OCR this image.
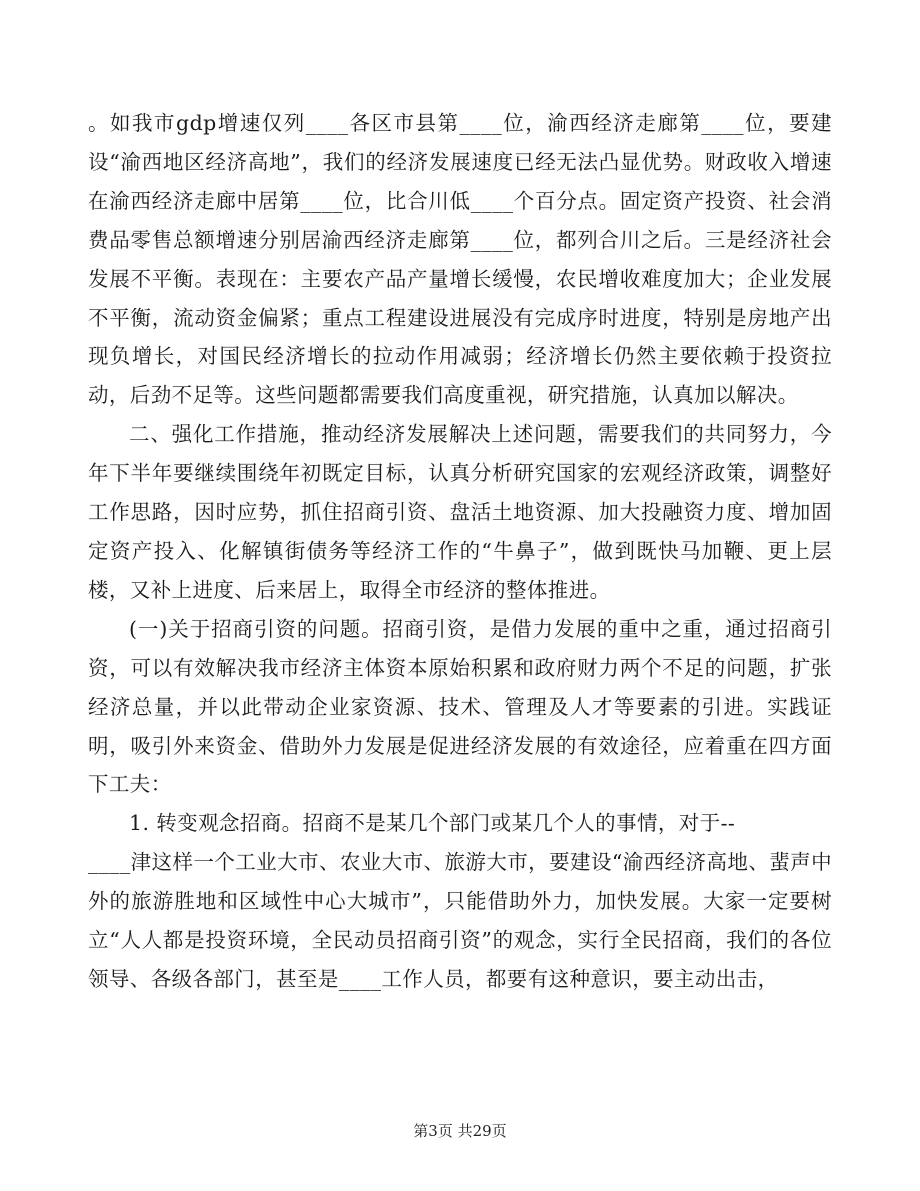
。如我市gdp增速仅列____各区市县第____位，渝西经济走廊第____位，要建设“渝西地区经济高地”，我们的经济发展速度已经无法凸显优势。财政收入增速在渝西经济走廊中居第____位，比合川低____个百分点。固定资产投资、社会消费品零售总额增速分别居渝西经济走廊第____位，都列合川之后。三是经济社会发展不平衡。表现在：主要农产品产量增长缓慢，农民增收难度加大；企业发展不平衡，流动资金偏紧；重点工程建设进展没有完成序时进度，特别是房地产出现负增长，对国民经济增长的拉动作用减弱；经济增长仍然主要依赖于投资拉动，后劲不足等。这些问题都需要我们高度重视，研究措施，认真加以解决。

二、强化工作措施，推动经济发展解决上述问题，需要我们的共同努力，今年下半年要继续围绕年初既定目标，认真分析研究国家的宏观经济政策，调整好工作思路，因时应势，抓住招商引资、盘活土地资源、加大投融资力度、增加固定资产投入、化解镇街债务等经济工作的“牛鼻子”，做到既快马加鞭、更上层楼，又补上进度、后来居上，取得全市经济的整体推进。

(一)关于招商引资的问题。招商引资，是借力发展的重中之重，通过招商引资，可以有效解决我市经济主体资本原始积累和政府财力两个不足的问题，扩张经济总量，并以此带动企业家资源、技术、管理及人才等要素的引进。实践证明，吸引外来资金、借助外力发展是促进经济发展的有效途径，应着重在四方面下工夫：

1. 转变观念招商。招商不是某几个部门或某几个人的事情，对于--

____津这样一个工业大市、农业大市、旅游大市，要建设“渝西经济高地、蜚声中外的旅游胜地和区域性中心大城市”，只能借助外力，加快发展。大家一定要树立“人人都是投资环境，全民动员招商引资”的观念，实行全民招商，我们的各位领导、各级各部门，甚至是____工作人员，都要有这种意识，要主动出击，

第3页 共29页
